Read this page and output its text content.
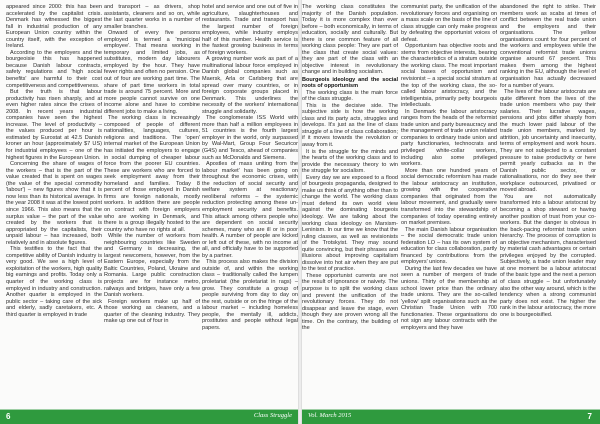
appeared since 2000: this has been accelerated by the capitalist crisis. Denmark has witnessed the biggest fall in industrial production of any European Union country within the country itself, with the exception of Ireland.

According to the employers and the bourgeoisie this has happened because Danish labour contracts, safety regulations and 'high social benefits' are harmful to their cost competitiveness and competitiveness.

But the truth is that labour productivity has risen sharply, and at even higher rates since the crises of 2008. In recent years industrial companies have seen the highest increase. The level of productivity – the values produced per hour is estimated by Eurostat at 42.5 Danish kroner an hour (approximately $7 US) for industrial employees – one of the highest figures in the European Union.

Concerning the share of wages of the workers – that is the part of the value created that is spent on wages (the value of the special commodity 'labour') – new figures show that it is now less than its historical average. In the year 2008 it was at the lowest point since 1966. This also means that the surplus value – the part of the value created by the workers that is appropriated by the capitalists, their unpaid labour – has increased, both relatively and in absolute figures.

This testifies to the fact that the competitive ability of Danish industry is very good. We see a high level of exploitation of the workers, high quality big earnings and profits. Today only a quarter of the working class is employed in industry and construction. Another quarter is employed in the public sector – taking care of the sick and elderly, sadly caretakers, etc. A third quarter is employed in trade

and transport – as drivers, shop assistants, cleaners and so on, while the last quarter works in a number of smaller branches.

Onward of every five persons employed is termed a 'municipal employee'. That means working in temporary and limited jobs, as substitutes, modern day labourers employed by the hour. They have fewer rights and often no pension. One out of four are working part time. The share of part time workers in total trade is around 75 percent. More and more people cannot survive on one income alone and have to combine different jobs to make a living.

The working class is increasingly composed of people of different nationalities, languages, cultures, religions and traditions. The 'open' internal market of the European Union has initiated the employers to engage in social dumping of cheaper labour force from the poorer EU countries. These are workers who are forced to seek employment away from their homeland and families. Today 8 percent of those employed in Danish firms are foreign nationals, mostly workers. In addition there are people on contract with foreign employers who are working in Denmark, and there is a group illegally hosted to the country who have no rights at all.

While the number of workers from neighbouring countries like Sweden and Germany is decreasing, the largest newcomers, however, from the Eastern Europe, especially from the Baltic Countries, Poland, Ukraine and Romania. Large public construction projects are for instance metro, railways and bridges, have only a few Danish workers.

Foreign workers make up half of those working as cleaners, and a quarter of the cleaning industry. They make up one out of four in

hotel and service and one out of five in agriculture, slaughterhouses and restaurants. Trade and transport has the largest number of foreign employees, while industry employs half of this number. Health service is the fastest growing business in terms of foreign workers.

A growing number work as part of a multinational labour force employed in Danish global companies such as Maersk, Arla or Carlsberg that are spread over many countries, or in foreign corporate groups placed in Denmark. This underlines the necessity of the workers' international struggle and solidarity.

The conglomerate ISS World with more than half a million employees in 51 countries is the fourth largest employer in the world, only surpassed by Wal-Mart, Group Four Securicor (G4S) and Tesco, ahead of companies such as McDonalds and Siemens.

Apostles of mass uniting from the labour market' has been going on throughout the economic crises, with the reduction of social security and welfare system at reactionary neoliberal reforms – the systemic reduction protecting among these un-employment security and benefits. This attack among others people who are dependent on social security schemes, many who are ill or in poor health. A number of people are kicked or left out of these, with no income at all, and officially have to be supported by a partner.

This process also makes the division outside of, and within the working class – traditionally called the lumpen proletariat (the proletariat in rags) – grow. They constitute a group of people surviving from day to day on the rest, outside or on the fringe of the labour market – including homeless people, the mentally ill, addicts, prostitutes and people without legal papers.

6	Class Struggle

The working class constitutes the majority of the Danish population. Today it is more complex than ever before – both economically, in terms of education, socially and culturally. But there is one common feature of all working class people: They are part of the class that create social values: they are part of the class with an objective interest in revolutionary change and in building socialism.

Bourgeois ideology and the social roots of opportunism

The working class is the main force of the class struggle.

This is the decisive side. The subjective side is how the working class and its party acts, struggles and develops. It's just as the line of class struggle of a line of class collaboration; if it moves towards the revolution or away from it.

It is the struggle for the minds and the hearts of the working class and to provide the necessary theory to win the struggle for socialism.

Every day we are exposed to a flood of bourgeois propaganda, designed to make us think of anything other than to change the world. The working class must defend its own world view against the dominating bourgeois ideology. We are talking about the working class ideology on Marxism-Leninism. In our time we know that the ruling classes, as well as revisionists of the Trotskyist. They may sound quite convincing, but their phrases and illusions about improving capitalism dissolve into hot air when they are put to the test of practice.

These opportunist currents are not the result of ignorance or naivety. The purpose is to split the working class and prevent the unification of the revolutionary forces. They do not disappear and leave the stage, even though they are proven wrong all the time. On the contrary, the building of the

communist party, the unification of the revolutionary forces and organising on a mass scale on the basis of the line of class struggle can only make progress by defeating the opportunist voices of defeat.

Opportunism has objective roots and stems from objective interests, bearing the characteristics of a stratum outside the working class. The most important social bases of opportunism and revisionist – a special social stratum at the top of the working class, the so-called labour aristocracy, and the intelligentsia, primarily petty bourgeois intellectuals.

In Denmark the labour aristocracy ranges from the heads of the reformist trade union and party bureaucracy and the management of trade union related companies to ordinary trade union and party functionaries, technocrats and privileged white-collar workers, including also some privileged workers.

More than one hundred years of social democratic reformism has made the labour aristocracy an institution, growing with the cooperative companies that originated from the labour movement, and gradually were transformed into the stewardship of companies of today operating entirely on market premises.

The main Danish labour organisation – the social democratic trade union federation LO – has its own system of education for class collaboration, partly financed by contributions from the employers' unions.

During the last few decades we have seen a number of mergers of trade unions. Thirty of the membership at school lower price than the ordinary trade unions. They are the so-called 'yellow' spilt organisations such as the Christian Trade Union with 700 functionaries. These organisations do not sign any labour contracts with the employers and they have

abandoned the right to strike. Their members work as scabs at times of conflict between the real trade union and the employers and their organisations. The yellow organisations count for four percent of the workers and employees while the conventional reformist trade unions organise around 67 percent. This makes them among the highest ranking in the EU, although the level of organisation has actually decreased for a number of years.

The lives of the labour aristocrats are quite different from the lives of the trade union members who pay their salaries. Their lucrative wages, pensions and jobs differ sharply from the much lower paid labour of the trade union members, marked by attrition, job uncertainty and insecurity, terms of employment and work hours. They are not subjected to a constant pressure to raise productivity or here permit yearly cutbacks as in the Danish public sector, or rationalisations, nor do they see their workplace outsourced, privatised or moved abroad.

You are not automatically transformed into a labour aristocrat by becoming a shop steward or having another position of trust from your co-workers. But the danger is obvious in the back-pacing reformist trade union hierarchy. The process of corruption is an objective mechanism, characterised by material cash advantages or certain privileges enjoyed by the corrupted. Subjectively, a trade union leader may at one moment be a labour aristocrat of the basic type and the next a person of class struggle – but unfortunately also the other way around, which is the tendency when a strong communist party does not exist. The higher the rank in the labour aristocracy, the more one is bourgeoisified.

Vol. March 2015	7
